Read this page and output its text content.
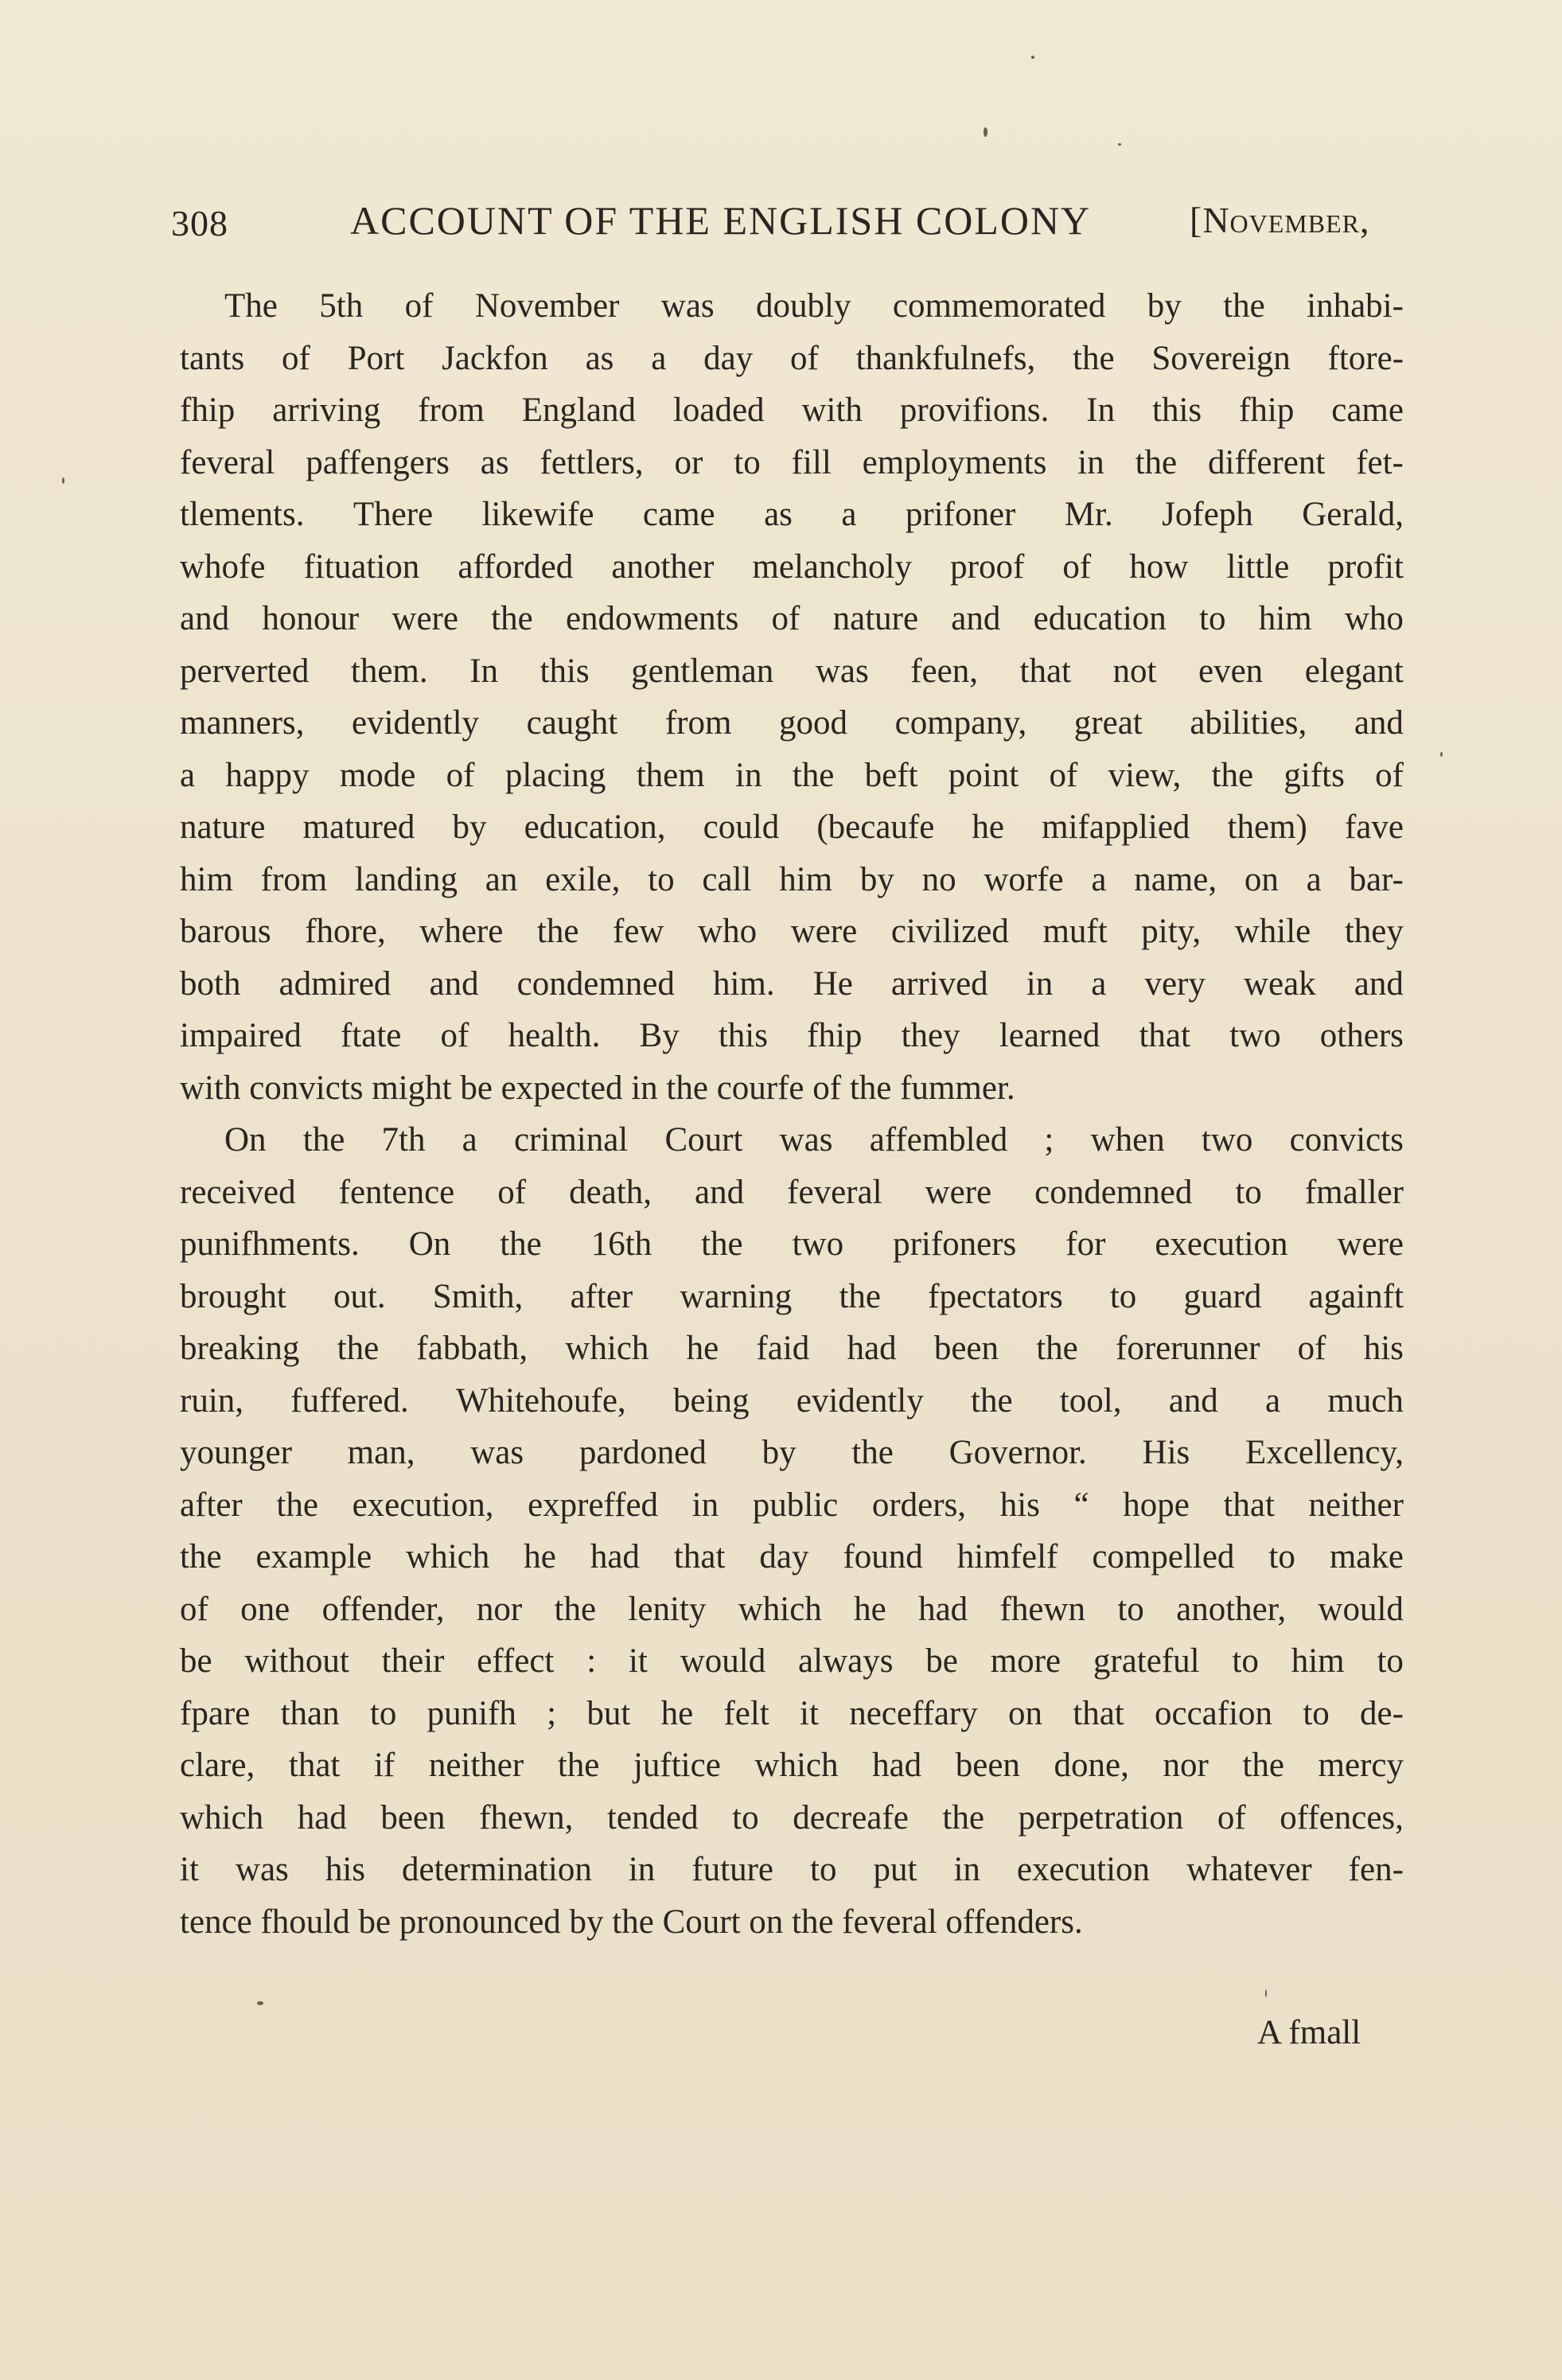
308	ACCOUNT OF THE ENGLISH COLONY	[November,
The 5th of November was doubly commemorated by the inhabi-
tants of Port Jackfon as a day of thankfulnefs, the Sovereign ftore-
fhip arriving from England loaded with provifions. In this fhip came
feveral paffengers as fettlers, or to fill employments in the different fet-
tlements. There likewife came as a prifoner Mr. Jofeph Gerald,
whofe fituation afforded another melancholy proof of how little profit
and honour were the endowments of nature and education to him who
perverted them. In this gentleman was feen, that not even elegant
manners, evidently caught from good company, great abilities, and
a happy mode of placing them in the beft point of view, the gifts of
nature matured by education, could (becaufe he mifapplied them) fave
him from landing an exile, to call him by no worfe a name, on a bar-
barous fhore, where the few who were civilized muft pity, while they
both admired and condemned him. He arrived in a very weak and
impaired ftate of health. By this fhip they learned that two others
with convicts might be expected in the courfe of the fummer.
On the 7th a criminal Court was affembled ; when two convicts
received fentence of death, and feveral were condemned to fmaller
punifhments. On the 16th the two prifoners for execution were
brought out. Smith, after warning the fpectators to guard againft
breaking the fabbath, which he faid had been the forerunner of his
ruin, fuffered. Whitehoufe, being evidently the tool, and a much
younger man, was pardoned by the Governor. His Excellency,
after the execution, expreffed in public orders, his “ hope that neither
the example which he had that day found himfelf compelled to make
of one offender, nor the lenity which he had fhewn to another, would
be without their effect : it would always be more grateful to him to
fpare than to punifh ; but he felt it neceffary on that occafion to de-
clare, that if neither the juftice which had been done, nor the mercy
which had been fhewn, tended to decreafe the perpetration of offences,
it was his determination in future to put in execution whatever fen-
tence fhould be pronounced by the Court on the feveral offenders.
A fmall
